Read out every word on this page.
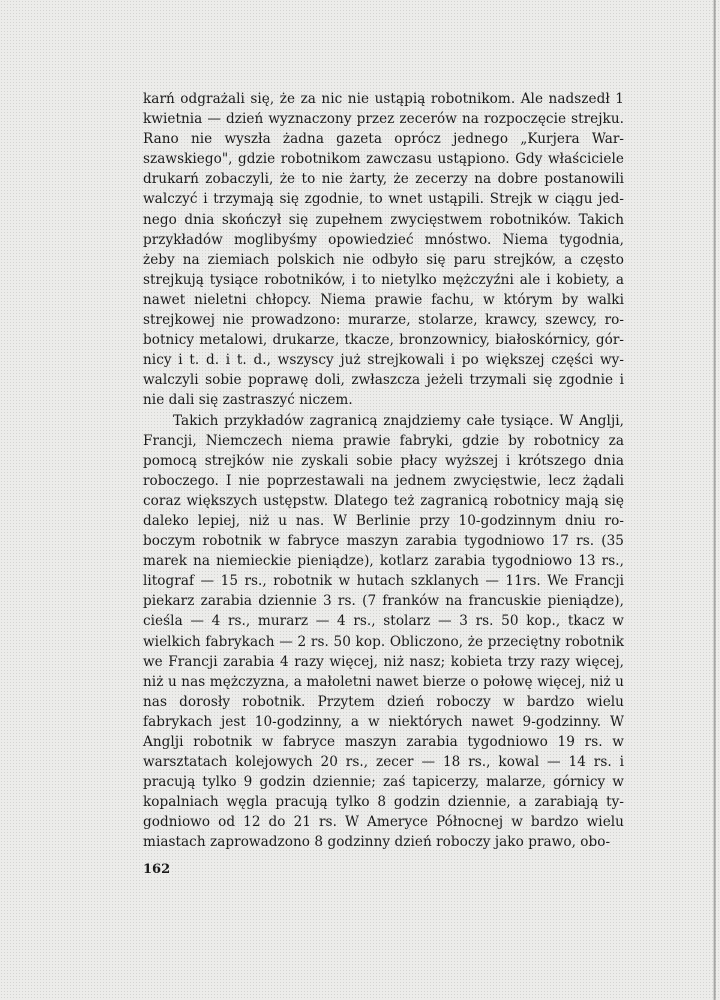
karń odgrażali się, że za nic nie ustąpią robotnikom. Ale nadszedł 1 kwietnia — dzień wyznaczony przez zecerów na rozpoczęcie strejku. Rano nie wyszła żadna gazeta oprócz jednego „Kurjera Warszawskiego", gdzie robotnikom zawczasu ustąpiono. Gdy właściciele drukarń zobaczyli, że to nie żarty, że zecerzy na dobre postanowili walczyć i trzymają się zgodnie, to wnet ustąpili. Strejk w ciągu jednego dnia skończył się zupełnem zwycięstwem robotników. Takich przykładów moglibyśmy opowiedzieć mnóstwo. Niema tygodnia, żeby na ziemiach polskich nie odbyło się paru strejków, a często strejkują tysiące robotników, i to nietylko mężczyźni ale i kobiety, a nawet nieletni chłopcy. Niema prawie fachu, w którym by walki strejkowej nie prowadzono: murarze, stolarze, krawcy, szewcy, robotnicy metalowi, drukarze, tkacze, bronzownicy, białoskórnicy, górnicy i t. d. i t. d., wszyscy już strejkowali i po większej części wywalczyli sobie poprawę doli, zwłaszcza jeżeli trzymali się zgodnie i nie dali się zastraszyć niczem.

Takich przykładów zagranicą znajdziemy całe tysiące. W Anglji, Francji, Niemczech niema prawie fabryki, gdzie by robotnicy za pomocą strejków nie zyskali sobie płacy wyższej i krótszego dnia roboczego. I nie poprzestawali na jednem zwycięstwie, lecz żądali coraz większych ustępstw. Dlatego też zagranicą robotnicy mają się daleko lepiej, niż u nas. W Berlinie przy 10-godzinnym dniu roboczym robotnik w fabryce maszyn zarabia tygodniowo 17 rs. (35 marek na niemieckie pieniądze), kotlarz zarabia tygodniowo 13 rs., litograf — 15 rs., robotnik w hutach szklanych — 11rs. We Francji piekarz zarabia dziennie 3 rs. (7 franków na francuskie pieniądze), cieśla — 4 rs., murarz — 4 rs., stolarz — 3 rs. 50 kop., tkacz w wielkich fabrykach — 2 rs. 50 kop. Obliczono, że przeciętny robotnik we Francji zarabia 4 razy więcej, niż nasz; kobieta trzy razy więcej, niż u nas mężczyzna, a małoletni nawet bierze o połowę więcej, niż u nas dorosły robotnik. Przytem dzień roboczy w bardzo wielu fabrykach jest 10-godzinny, a w niektórych nawet 9-godzinny. W Anglji robotnik w fabryce maszyn zarabia tygodniowo 19 rs. w warsztatach kolejowych 20 rs., zecer — 18 rs., kowal — 14 rs. i pracują tylko 9 godzin dziennie; zaś tapicerzy, malarze, górnicy w kopalniach węgla pracują tylko 8 godzin dziennie, a zarabiają tygodniowo od 12 do 21 rs. W Ameryce Północnej w bardzo wielu miastach zaprowadzono 8 godzinny dzień roboczy jako prawo, obo-

162
